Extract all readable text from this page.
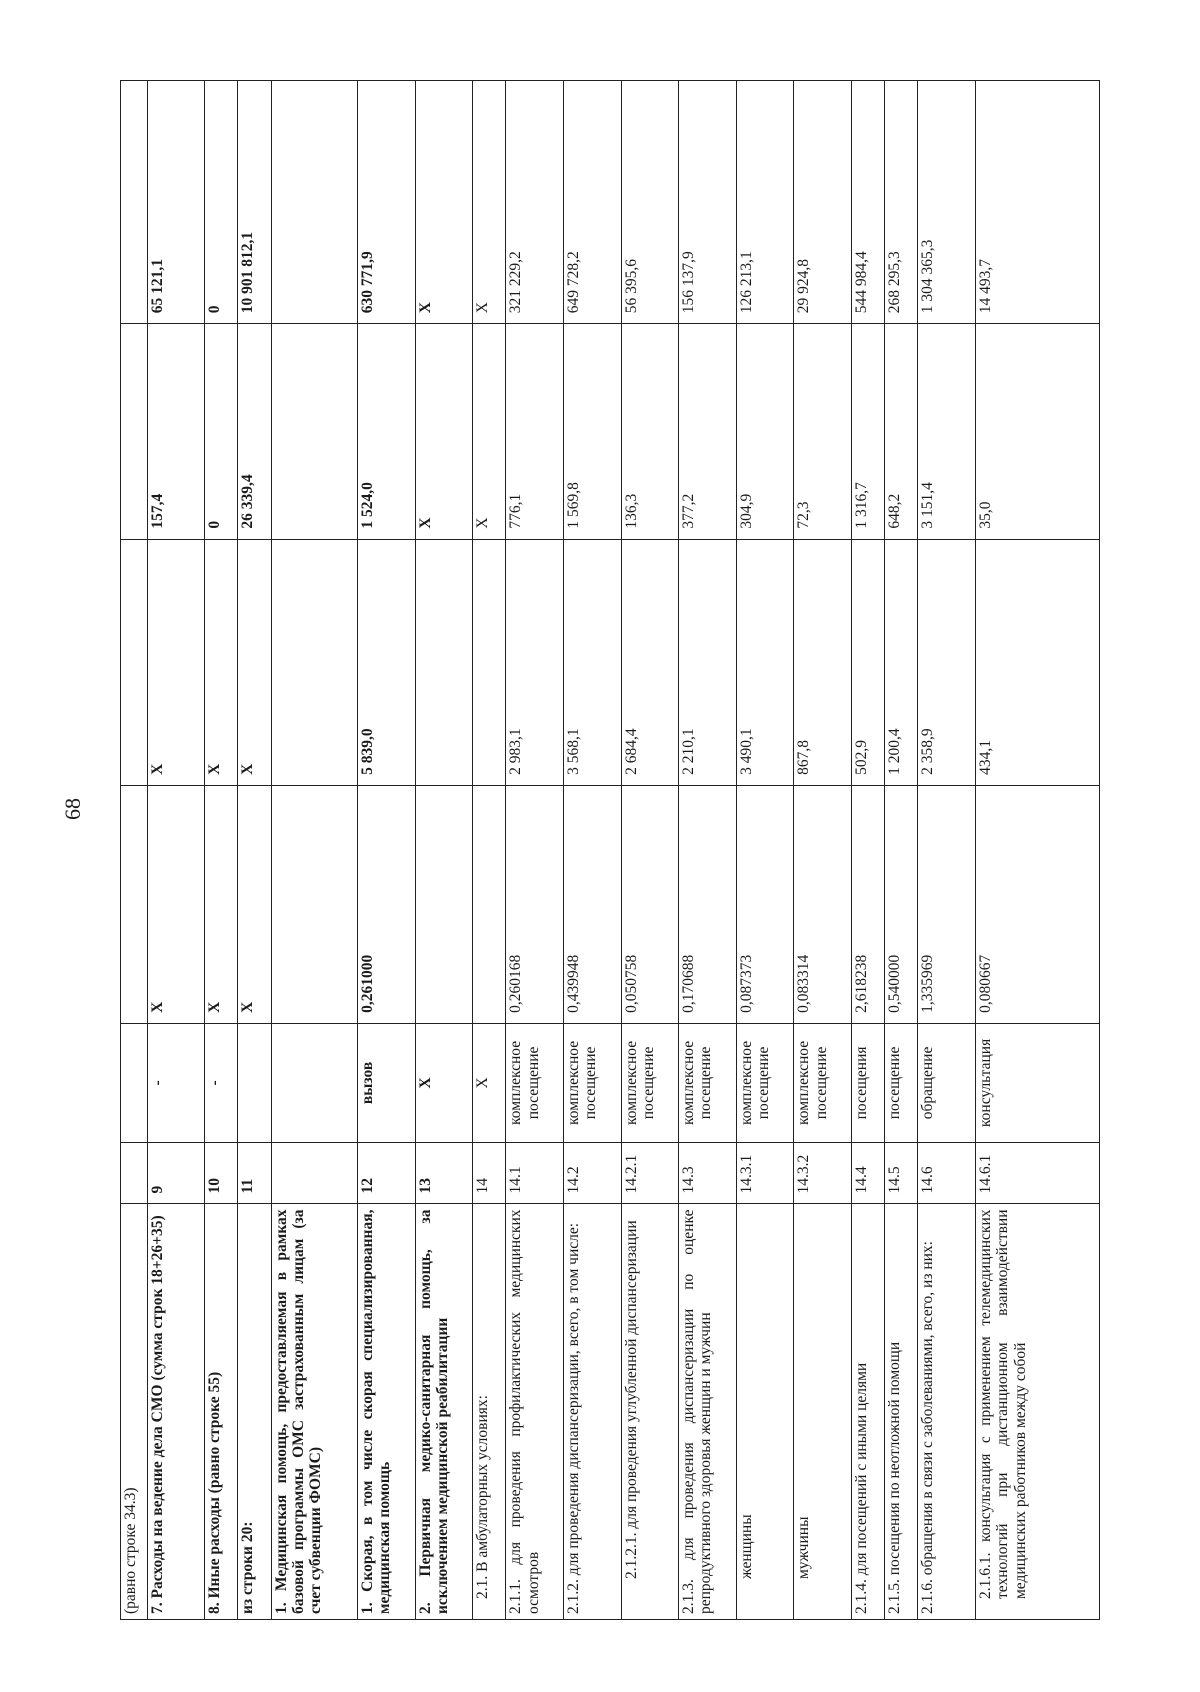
68
(равно строке 34.3)						
7. Расходы на ведение дела СМО (сумма строк 18+26+35)	9	-	Х	Х	157,4	65 121,1
8. Иные расходы (равно строке 55)	10	-	Х	Х	0	0
из строки 20:	11		Х	Х	26 339,4	10 901 812,1
1. Медицинская помощь, предоставляемая в рамках базовой программы ОМС застрахованным лицам (за счет субвенции ФОМС)						
1. Скорая, в том числе скорая специализированная, медицинская помощь	12	вызов	0,261000	5 839,0	1 524,0	630 771,9
2. Первичная медико-санитарная помощь, за исключением медицинской реабилитации	13	Х			Х	Х
2.1. В амбулаторных условиях:	14	Х			Х	Х
2.1.1. для проведения профилактических медицинских осмотров	14.1	комплексное посещение	0,260168	2 983,1	776,1	321 229,2
2.1.2. для проведения диспансеризации, всего, в том числе:	14.2	комплексное посещение	0,439948	3 568,1	1 569,8	649 728,2
2.1.2.1. для проведения углубленной диспансеризации	14.2.1	комплексное посещение	0,050758	2 684,4	136,3	56 395,6
2.1.3. для проведения диспансеризации по оценке репродуктивного здоровья женщин и мужчин	14.3	комплексное посещение	0,170688	2 210,1	377,2	156 137,9
женщины	14.3.1	комплексное посещение	0,087373	3 490,1	304,9	126 213,1
мужчины	14.3.2	комплексное посещение	0,083314	867,8	72,3	29 924,8
2.1.4. для посещений с иными целями	14.4	посещения	2,618238	502,9	1 316,7	544 984,4
2.1.5. посещения по неотложной помощи	14.5	посещение	0,540000	1 200,4	648,2	268 295,3
2.1.6. обращения в связи с заболеваниями, всего, из них:	14.6	обращение	1,335969	2 358,9	3 151,4	1 304 365,3
2.1.6.1. консультация с применением телемедицинских технологий при дистанционном взаимодействии медицинских работников между собой	14.6.1	консультация	0,080667	434,1	35,0	14 493,7
